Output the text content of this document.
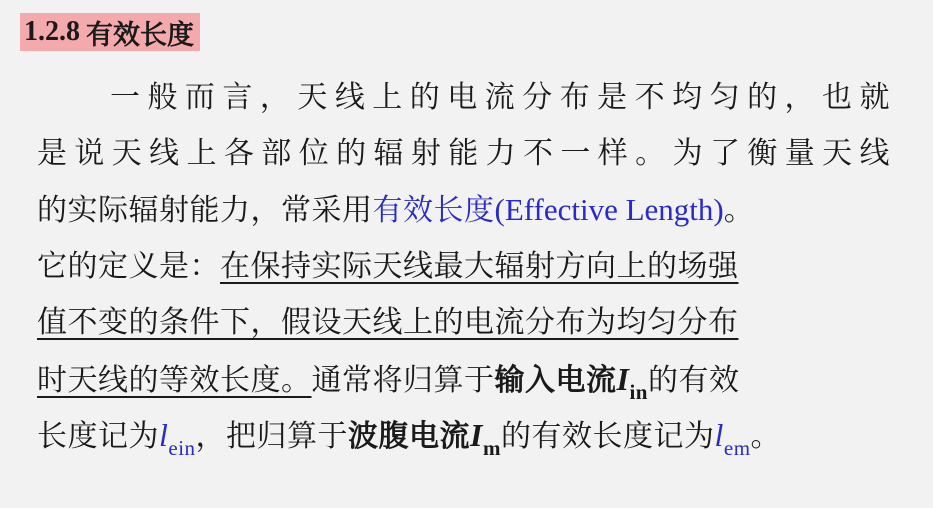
1.2.8 有效长度
一般而言，天线上的电流分布是不均匀的，也就
是说天线上各部位的辐射能力不一样。为了衡量天线
的实际辐射能力，常采用有效长度(Effective Length)。
它的定义是：在保持实际天线最大辐射方向上的场强
值不变的条件下，假设天线上的电流分布为均匀分布
时天线的等效长度。通常将归算于输入电流$I_{in}$的有效
长度记为$l_{ein}$，把归算于波腹电流$I_m$的有效长度记为$l_{em}$。
